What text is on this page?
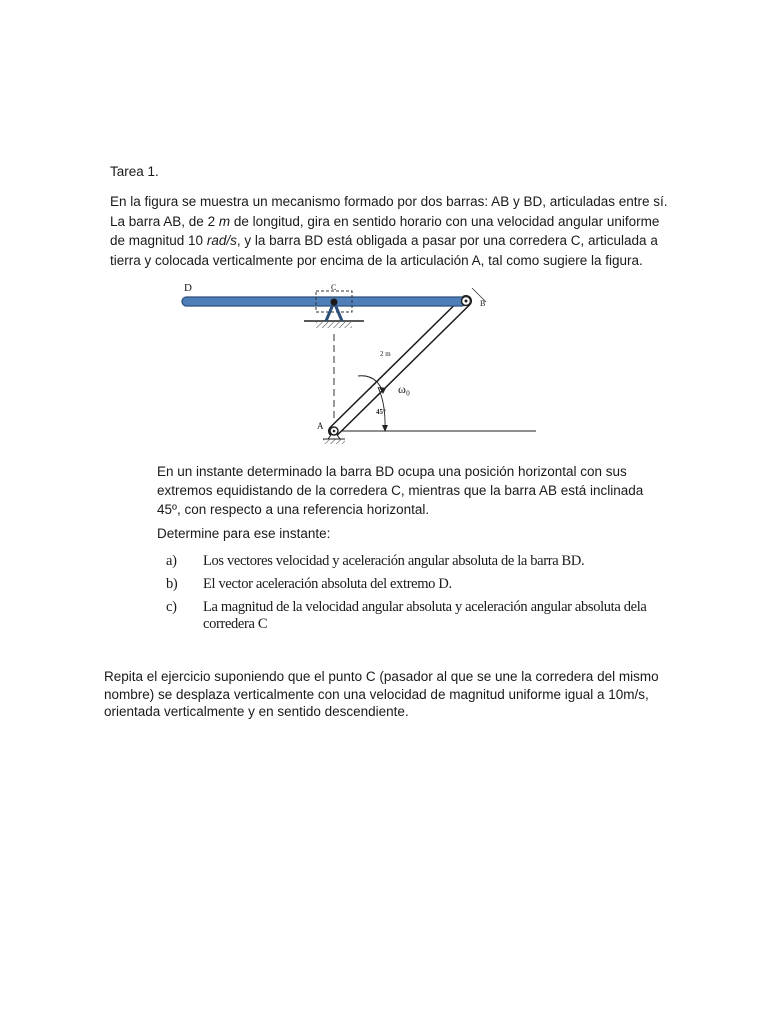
Tarea 1.

En la figura se muestra un mecanismo formado por dos barras: AB y BD, articuladas entre sí. La barra AB, de 2 m de longitud, gira en sentido horario con una velocidad angular uniforme de magnitud 10 rad/s, y la barra BD está obligada a pasar por una corredera C, articulada a tierra y colocada verticalmente por encima de la articulación A, tal como sugiere la figura.

D	C
B
A
2 m
ω₀
45°

En un instante determinado la barra BD ocupa una posición horizontal con sus extremos equidistando de la corredera C, mientras que la barra AB está inclinada 45º, con respecto a una referencia horizontal.

Determine para ese instante:

a)	Los vectores velocidad y aceleración angular absoluta de la barra BD.
b)	El vector aceleración absoluta del extremo D.
c)	La magnitud de la velocidad angular absoluta y aceleración angular absoluta dela corredera C

Repita el ejercicio suponiendo que el punto C (pasador al que se une la corredera del mismo nombre) se desplaza verticalmente con una velocidad de magnitud uniforme igual a 10m/s, orientada verticalmente y en sentido descendiente.
